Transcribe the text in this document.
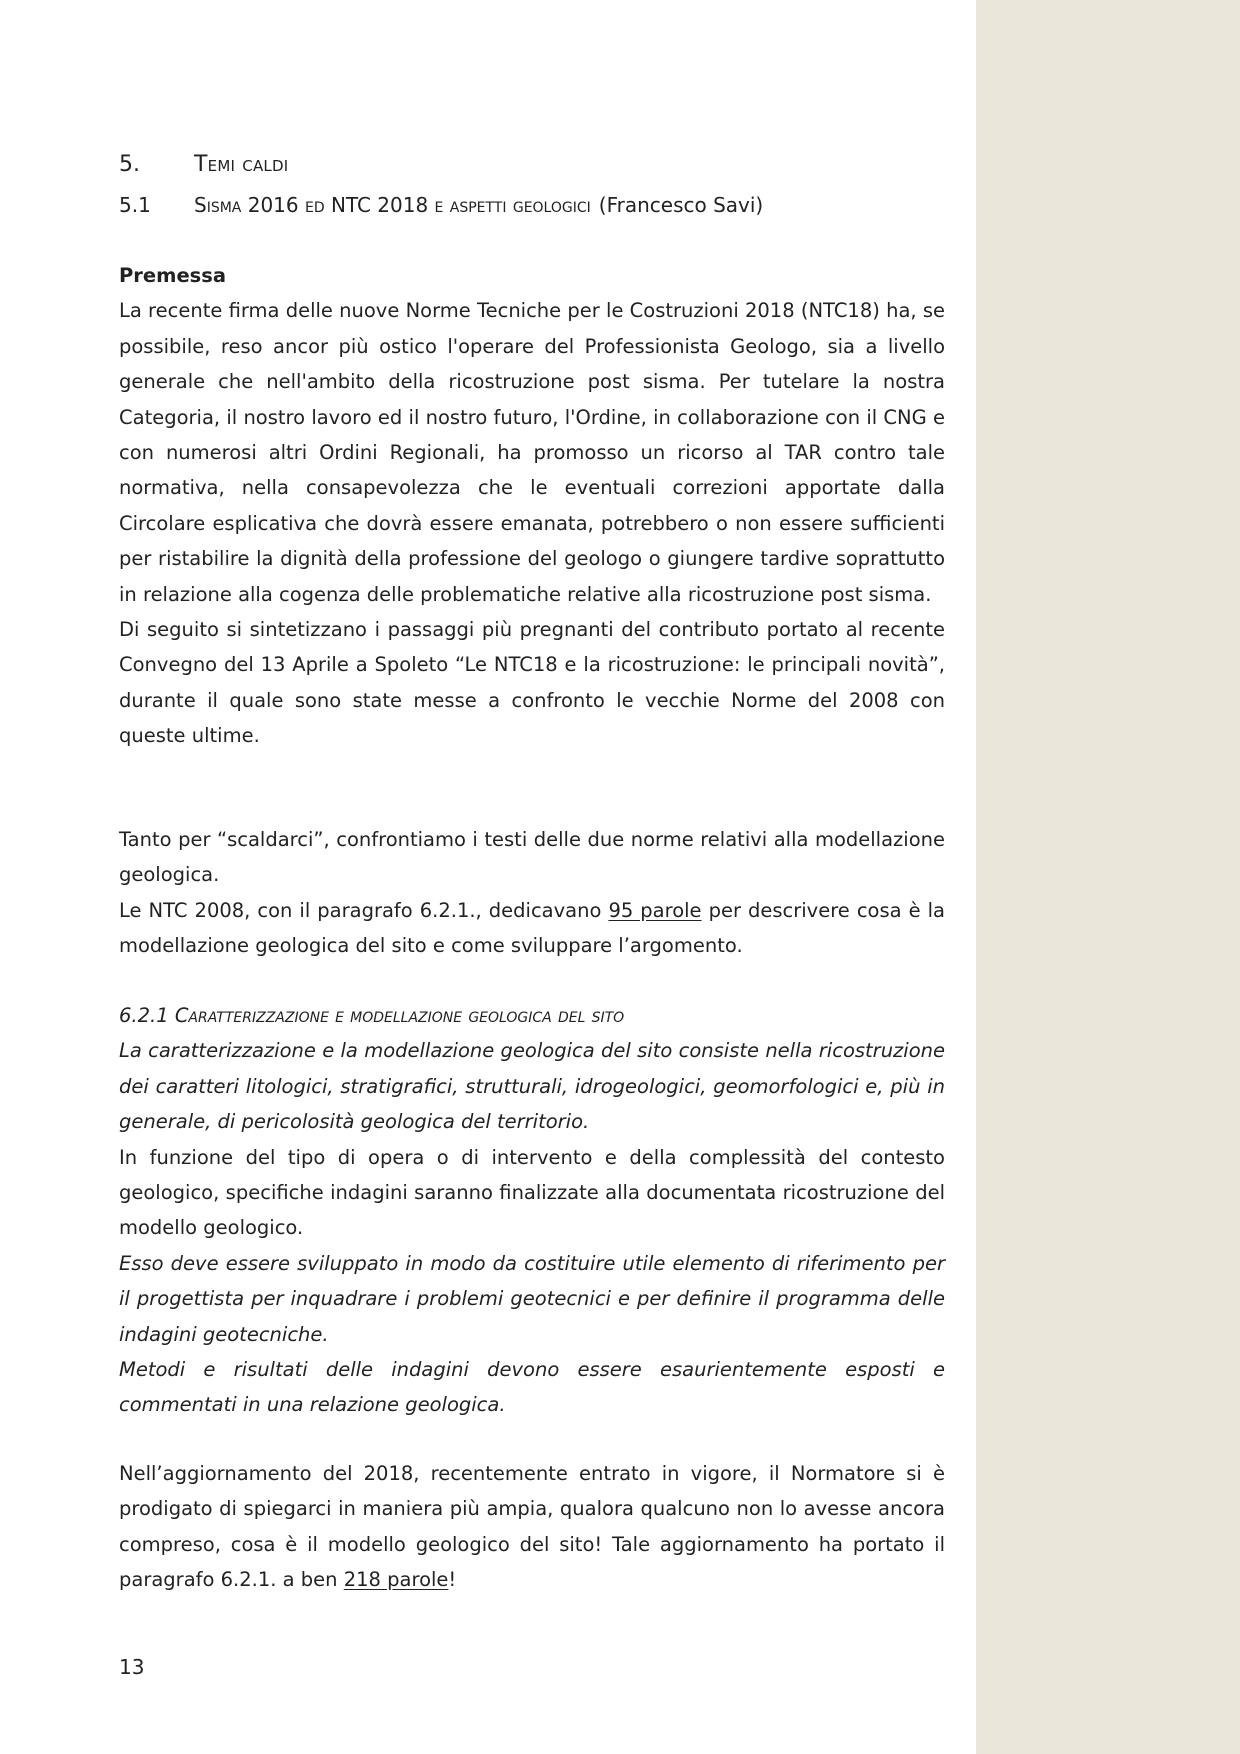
5. Temi caldi
5.1 Sisma 2016 ed NTC 2018 e aspetti geologici (Francesco Savi)

Premessa

La recente firma delle nuove Norme Tecniche per le Costruzioni 2018 (NTC18) ha, se possibile, reso ancor più ostico l'operare del Professionista Geologo, sia a livello generale che nell'ambito della ricostruzione post sisma. Per tutelare la nostra Categoria, il nostro lavoro ed il nostro futuro, l'Ordine, in collaborazione con il CNG e con numerosi altri Ordini Regionali, ha promosso un ricorso al TAR contro tale normativa, nella consapevolezza che le eventuali correzioni apportate dalla Circolare esplicativa che dovrà essere emanata, potrebbero o non essere sufficienti per ristabilire la dignità della professione del geologo o giungere tardive soprattutto in relazione alla cogenza delle problematiche relative alla ricostruzione post sisma.

Di seguito si sintetizzano i passaggi più pregnanti del contributo portato al recente Convegno del 13 Aprile a Spoleto “Le NTC18 e la ricostruzione: le principali novità”, durante il quale sono state messe a confronto le vecchie Norme del 2008 con queste ultime.

Tanto per “scaldarci”, confrontiamo i testi delle due norme relativi alla modellazione geologica.

Le NTC 2008, con il paragrafo 6.2.1., dedicavano 95 parole per descrivere cosa è la modellazione geologica del sito e come sviluppare l’argomento.

6.2.1 Caratterizzazione e modellazione geologica del sito

La caratterizzazione e la modellazione geologica del sito consiste nella ricostruzione dei caratteri litologici, stratigrafici, strutturali, idrogeologici, geomorfologici e, più in generale, di pericolosità geologica del territorio.

In funzione del tipo di opera o di intervento e della complessità del contesto geologico, specifiche indagini saranno finalizzate alla documentata ricostruzione del modello geologico.

Esso deve essere sviluppato in modo da costituire utile elemento di riferimento per il progettista per inquadrare i problemi geotecnici e per definire il programma delle indagini geotecniche.

Metodi e risultati delle indagini devono essere esaurientemente esposti e commentati in una relazione geologica.

Nell’aggiornamento del 2018, recentemente entrato in vigore, il Normatore si è prodigato di spiegarci in maniera più ampia, qualora qualcuno non lo avesse ancora compreso, cosa è il modello geologico del sito! Tale aggiornamento ha portato il paragrafo 6.2.1. a ben 218 parole!

13
